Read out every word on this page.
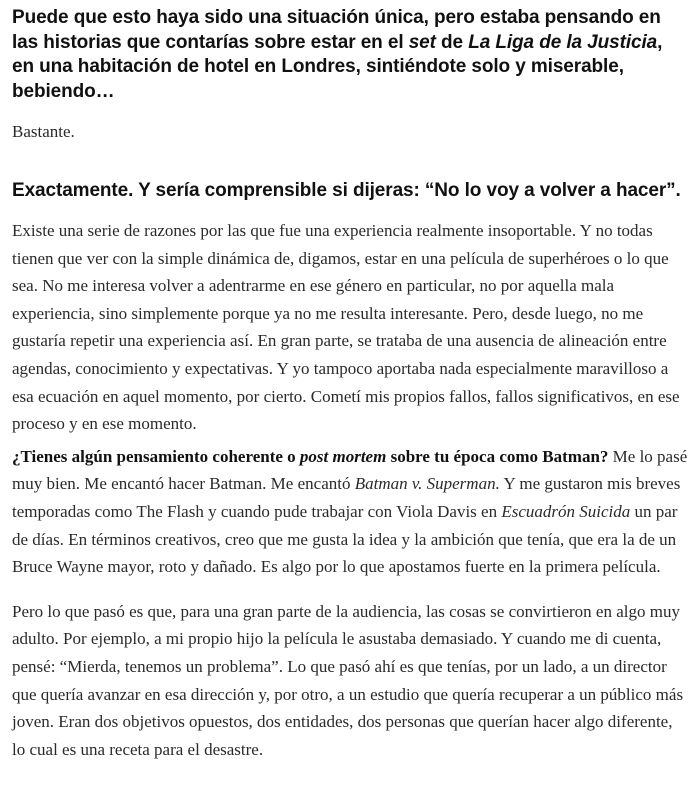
Puede que esto haya sido una situación única, pero estaba pensando en las historias que contarías sobre estar en el set de La Liga de la Justicia, en una habitación de hotel en Londres, sintiéndote solo y miserable, bebiendo…

Bastante.

Exactamente. Y sería comprensible si dijeras: “No lo voy a volver a hacer”.

Existe una serie de razones por las que fue una experiencia realmente insoportable. Y no todas tienen que ver con la simple dinámica de, digamos, estar en una película de superhéroes o lo que sea. No me interesa volver a adentrarme en ese género en particular, no por aquella mala experiencia, sino simplemente porque ya no me resulta interesante. Pero, desde luego, no me gustaría repetir una experiencia así. En gran parte, se trataba de una ausencia de alineación entre agendas, conocimiento y expectativas. Y yo tampoco aportaba nada especialmente maravilloso a esa ecuación en aquel momento, por cierto. Cometí mis propios fallos, fallos significativos, en ese proceso y en ese momento.

¿Tienes algún pensamiento coherente o post mortem sobre tu época como Batman? Me lo pasé muy bien. Me encantó hacer Batman. Me encantó Batman v. Superman. Y me gustaron mis breves temporadas como The Flash y cuando pude trabajar con Viola Davis en Escuadrón Suicida un par de días. En términos creativos, creo que me gusta la idea y la ambición que tenía, que era la de un Bruce Wayne mayor, roto y dañado. Es algo por lo que apostamos fuerte en la primera película.

Pero lo que pasó es que, para una gran parte de la audiencia, las cosas se convirtieron en algo muy adulto. Por ejemplo, a mi propio hijo la película le asustaba demasiado. Y cuando me di cuenta, pensé: “Mierda, tenemos un problema”. Lo que pasó ahí es que tenías, por un lado, a un director que quería avanzar en esa dirección y, por otro, a un estudio que quería recuperar a un público más joven. Eran dos objetivos opuestos, dos entidades, dos personas que querían hacer algo diferente, lo cual es una receta para el desastre.
